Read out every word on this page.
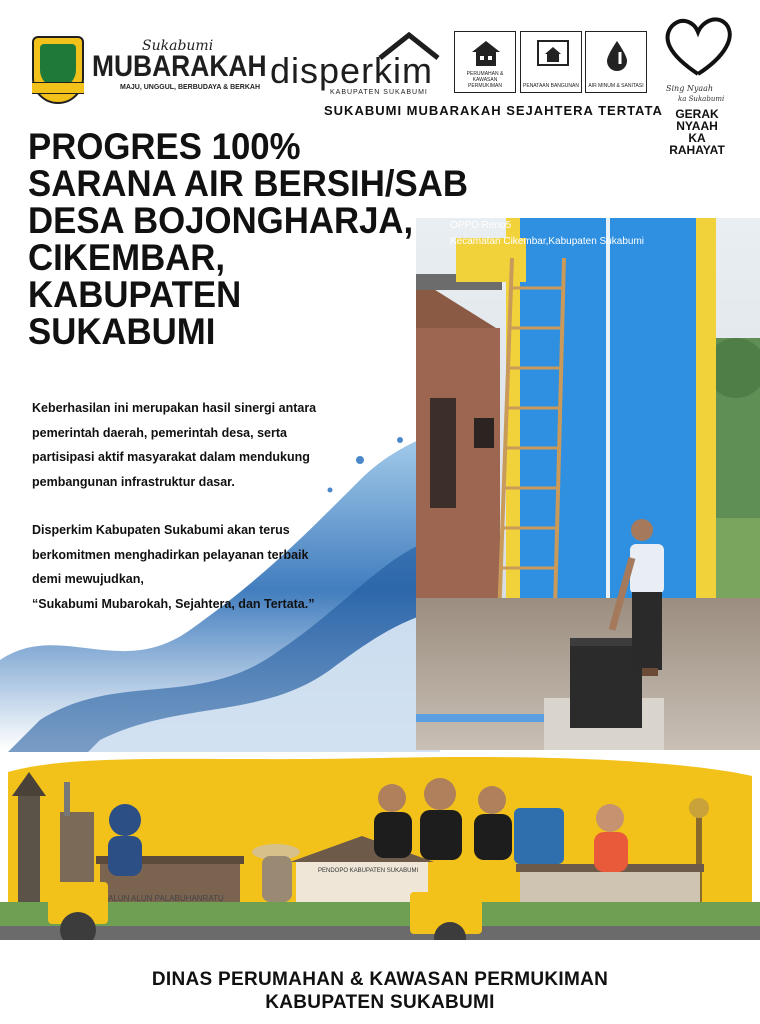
Sukabumi
MUBARAKAH
MAJU, UNGGUL, BERBUDAYA & BERKAH disperkim
KABUPATEN SUKABUMI
PERUMAHAN & KAWASAN PERMUKIMAN	PENATAAN BANGUNAN AIR MINUM & SANITASI
SUKABUMI MUBARAKAH SEJAHTERA TERTATA
Sing Nyaah
ka Sukabumi
GERAK
NYAAH
KA
RAHAYAT
PROGRES 100%
SARANA AIR BERSIH/SAB
DESA BOJONGHARJA,
CIKEMBAR,
KABUPATEN
SUKABUMI
Keberhasilan ini merupakan hasil sinergi antara
pemerintah daerah, pemerintah desa, serta
partisipasi aktif masyarakat dalam mendukung
pembangunan infrastruktur dasar.
Disperkim Kabupaten Sukabumi akan terus
berkomitmen menghadirkan pelayanan terbaik
demi mewujudkan,
“Sukabumi Mubarokah, Sejahtera, dan Tertata.”
OPPO Reno5
Kecamatan Cikembar,Kabupaten Sukabumi
ALUN ALUN PALABUHANRATU
PENDOPO KABUPATEN SUKABUMI
DINAS PERUMAHAN & KAWASAN PERMUKIMAN
KABUPATEN SUKABUMI
